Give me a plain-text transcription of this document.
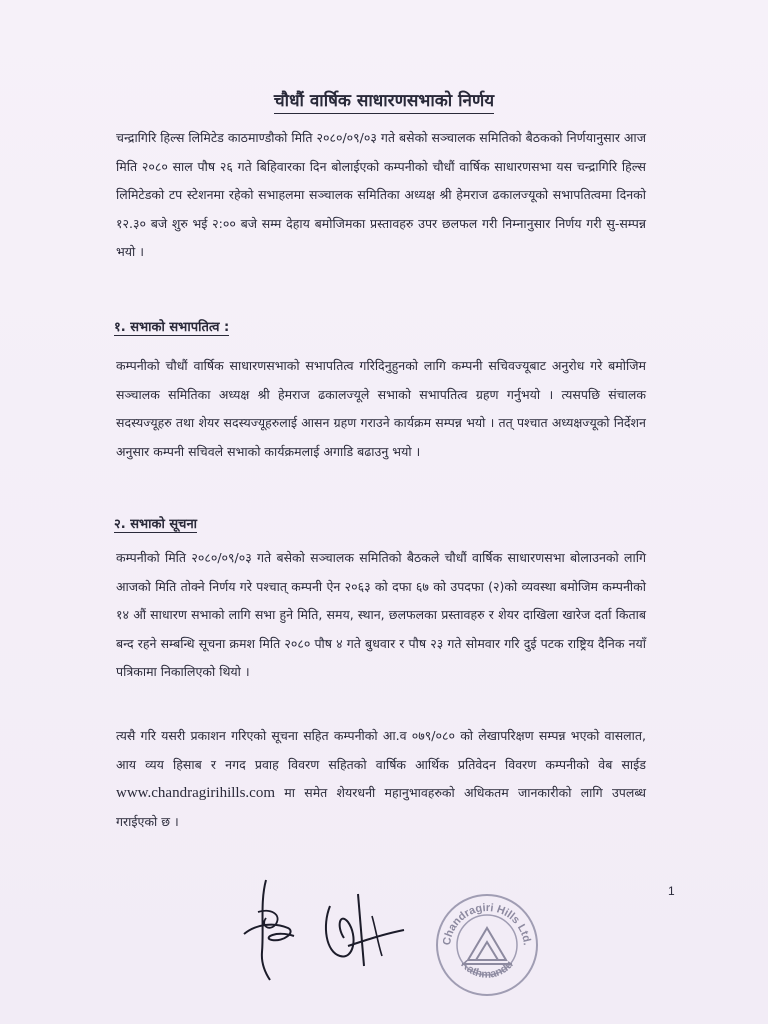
चौधौं वार्षिक साधारणसभाको निर्णय
चन्द्रागिरि हिल्स लिमिटेड काठमाण्डौको मिति २०८०/०९/०३ गते बसेको सञ्चालक समितिको बैठकको निर्णयानुसार आज मिति २०८० साल पौष २६ गते बिहिवारका दिन बोलाईएको कम्पनीको चौधौं वार्षिक साधारणसभा यस चन्द्रागिरि हिल्स लिमिटेडको टप स्टेशनमा रहेको सभाहलमा सञ्चालक समितिका अध्यक्ष श्री हेमराज ढकालज्यूको सभापतित्वमा दिनको १२.३० बजे शुरु भई २:०० बजे सम्म देहाय बमोजिमका प्रस्तावहरु उपर छलफल गरी निम्नानुसार निर्णय गरी सु-सम्पन्न भयो ।
१. सभाको सभापतित्व :
कम्पनीको चौधौं वार्षिक साधारणसभाको सभापतित्व गरिदिनुहुनको लागि कम्पनी सचिवज्यूबाट अनुरोध गरे बमोजिम सञ्चालक समितिका अध्यक्ष श्री हेमराज ढकालज्यूले सभाको सभापतित्व ग्रहण गर्नुभयो । त्यसपछि संचालक सदस्यज्यूहरु तथा शेयर सदस्यज्यूहरुलाई आसन ग्रहण गराउने कार्यक्रम सम्पन्न भयो । तत् पश्चात अध्यक्षज्यूको निर्देशन अनुसार कम्पनी सचिवले सभाको कार्यक्रमलाई अगाडि बढाउनु भयो ।
२. सभाको सूचना
कम्पनीको मिति २०८०/०९/०३ गते बसेको सञ्चालक समितिको बैठकले चौधौं वार्षिक साधारणसभा बोलाउनको लागि आजको मिति तोक्ने निर्णय गरे पश्चात् कम्पनी ऐन २०६३ को दफा ६७ को उपदफा (२)को व्यवस्था बमोजिम कम्पनीको १४ औं साधारण सभाको लागि सभा हुने मिति, समय, स्थान, छलफलका प्रस्तावहरु र शेयर दाखिला खारेज दर्ता किताब बन्द रहने सम्बन्धि सूचना क्रमश मिति २०८० पौष ४ गते बुधवार र पौष २३ गते सोमवार गरि दुई पटक राष्ट्रिय दैनिक नयाँ पत्रिकामा निकालिएको थियो ।
त्यसै गरि यसरी प्रकाशन गरिएको सूचना सहित कम्पनीको आ.व ०७९/०८० को लेखापरिक्षण सम्पन्न भएको वासलात, आय व्यय हिसाब र नगद प्रवाह विवरण सहितको वार्षिक आर्थिक प्रतिवेदन विवरण कम्पनीको वेब साईड www.chandragirihills.com मा समेत शेयरधनी महानुभावहरुको अधिकतम जानकारीको लागि उपलब्ध गराईएको छ ।
1
Chandragiri Hills Ltd.
Kathmandu
